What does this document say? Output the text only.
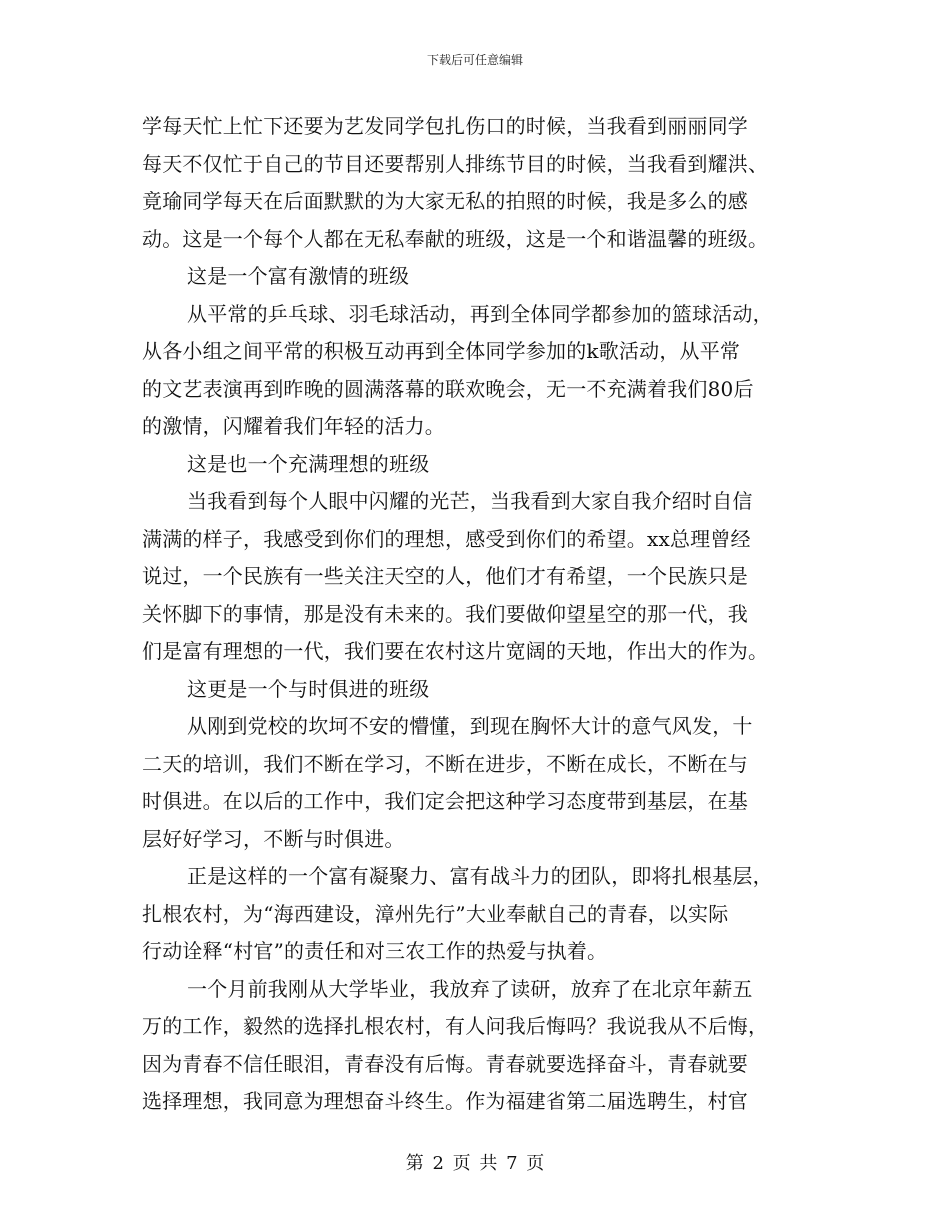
下载后可任意编辑
学每天忙上忙下还要为艺发同学包扎伤口的时候，当我看到丽丽同学
每天不仅忙于自己的节目还要帮别人排练节目的时候，当我看到耀洪、
竟瑜同学每天在后面默默的为大家无私的拍照的时候，我是多么的感
动。这是一个每个人都在无私奉献的班级，这是一个和谐温馨的班级。
这是一个富有激情的班级
从平常的乒乓球、羽毛球活动，再到全体同学都参加的篮球活动，
从各小组之间平常的积极互动再到全体同学参加的k歌活动，从平常
的文艺表演再到昨晚的圆满落幕的联欢晚会，无一不充满着我们80后
的激情，闪耀着我们年轻的活力。
这是也一个充满理想的班级
当我看到每个人眼中闪耀的光芒，当我看到大家自我介绍时自信
满满的样子，我感受到你们的理想，感受到你们的希望。xx总理曾经
说过，一个民族有一些关注天空的人，他们才有希望，一个民族只是
关怀脚下的事情，那是没有未来的。我们要做仰望星空的那一代，我
们是富有理想的一代，我们要在农村这片宽阔的天地，作出大的作为。
这更是一个与时俱进的班级
从刚到党校的坎坷不安的懵懂，到现在胸怀大计的意气风发，十
二天的培训，我们不断在学习，不断在进步，不断在成长，不断在与
时俱进。在以后的工作中，我们定会把这种学习态度带到基层，在基
层好好学习，不断与时俱进。
正是这样的一个富有凝聚力、富有战斗力的团队，即将扎根基层，
扎根农村，为“海西建设，漳州先行”大业奉献自己的青春，以实际
行动诠释“村官”的责任和对三农工作的热爱与执着。
一个月前我刚从大学毕业，我放弃了读研，放弃了在北京年薪五
万的工作，毅然的选择扎根农村，有人问我后悔吗？我说我从不后悔，
因为青春不信任眼泪，青春没有后悔。青春就要选择奋斗，青春就要
选择理想，我同意为理想奋斗终生。作为福建省第二届选聘生，村官
第 2 页 共 7 页
